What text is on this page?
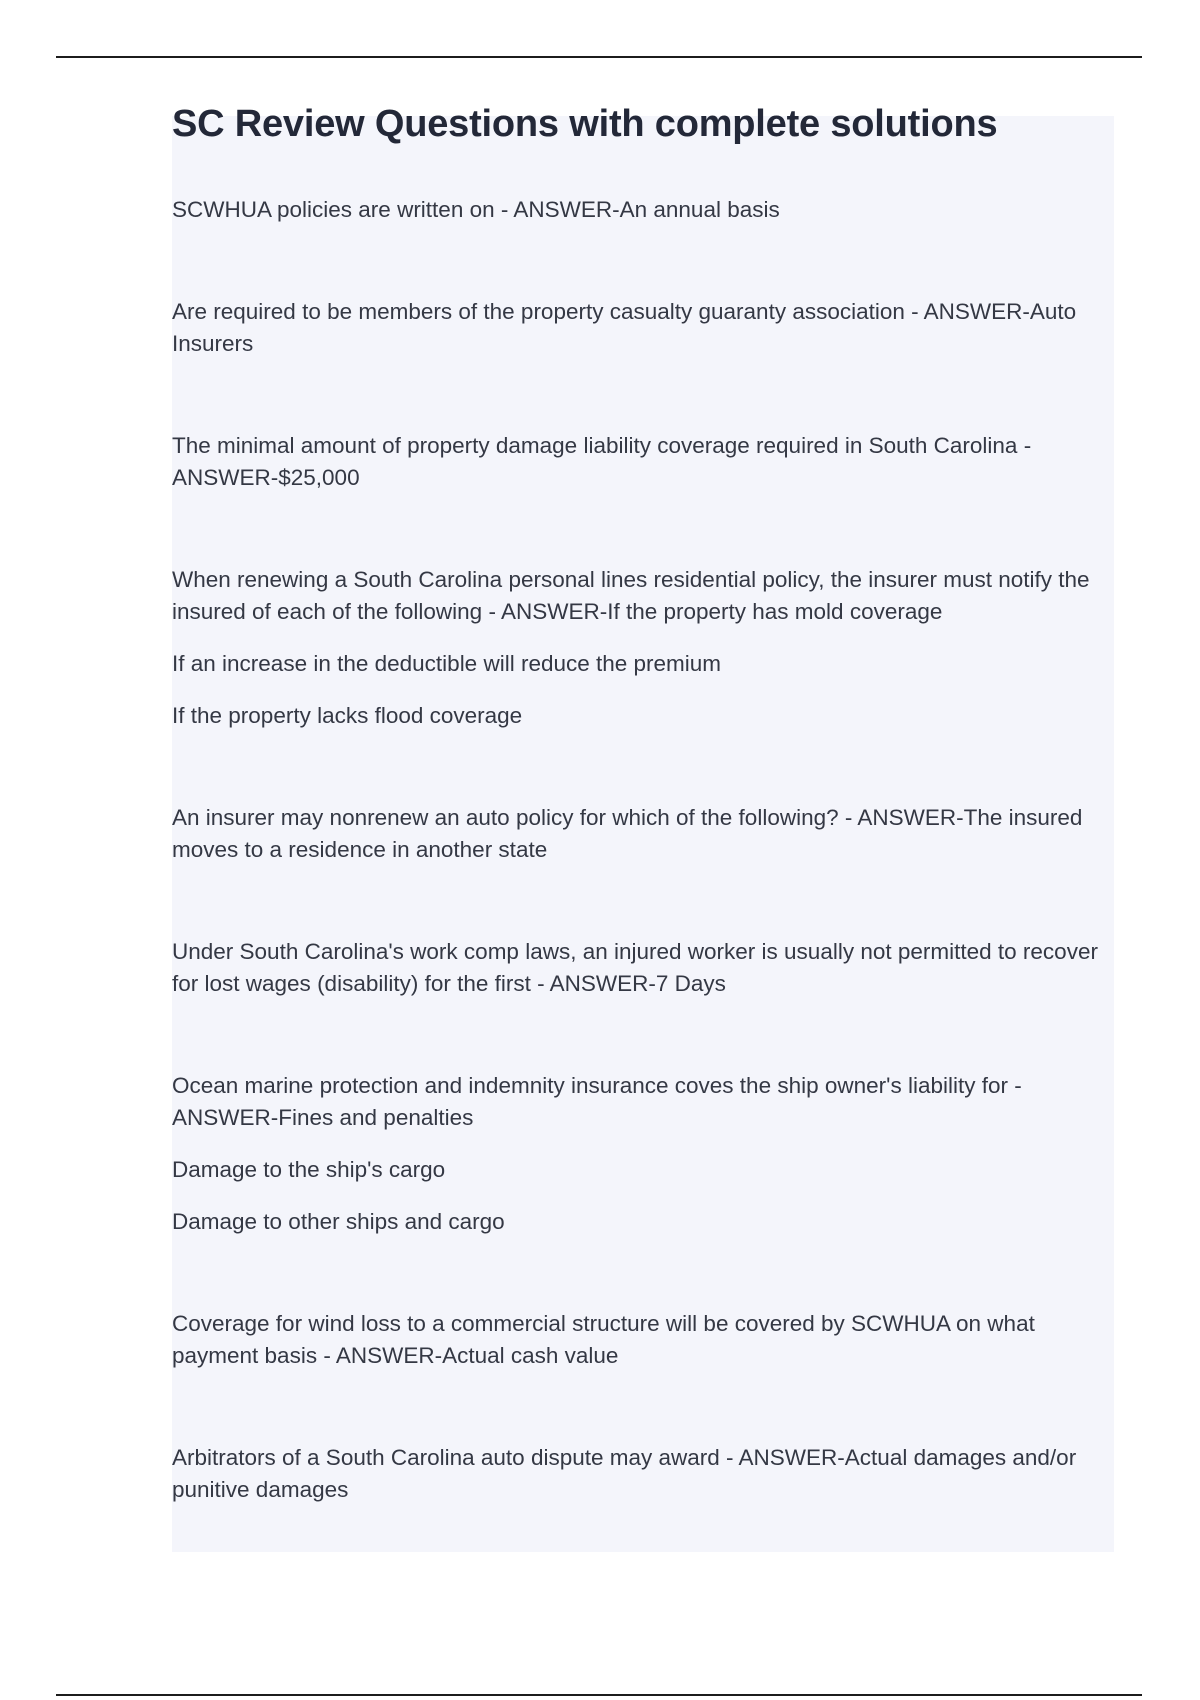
SC Review Questions with complete solutions

SCWHUA policies are written on - ANSWER-An annual basis

Are required to be members of the property casualty guaranty association - ANSWER-Auto Insurers

The minimal amount of property damage liability coverage required in South Carolina - ANSWER-$25,000

When renewing a South Carolina personal lines residential policy, the insurer must notify the insured of each of the following - ANSWER-If the property has mold coverage

If an increase in the deductible will reduce the premium

If the property lacks flood coverage

An insurer may nonrenew an auto policy for which of the following? - ANSWER-The insured moves to a residence in another state

Under South Carolina's work comp laws, an injured worker is usually not permitted to recover for lost wages (disability) for the first - ANSWER-7 Days

Ocean marine protection and indemnity insurance coves the ship owner's liability for - ANSWER-Fines and penalties

Damage to the ship's cargo

Damage to other ships and cargo

Coverage for wind loss to a commercial structure will be covered by SCWHUA on what payment basis - ANSWER-Actual cash value

Arbitrators of a South Carolina auto dispute may award - ANSWER-Actual damages and/or punitive damages
